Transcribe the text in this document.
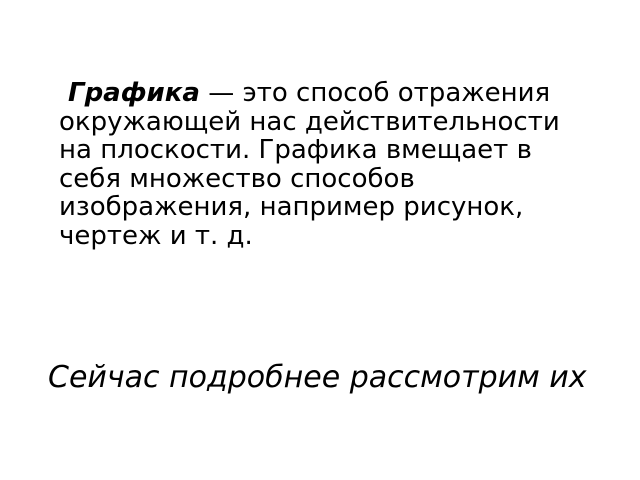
Графика — это способ отражения
окружающей нас действительности
на плоскости. Графика вмещает в
себя множество способов
изображения, например рисунок,
чертеж и т. д.
Сейчас подробнее рассмотрим их
